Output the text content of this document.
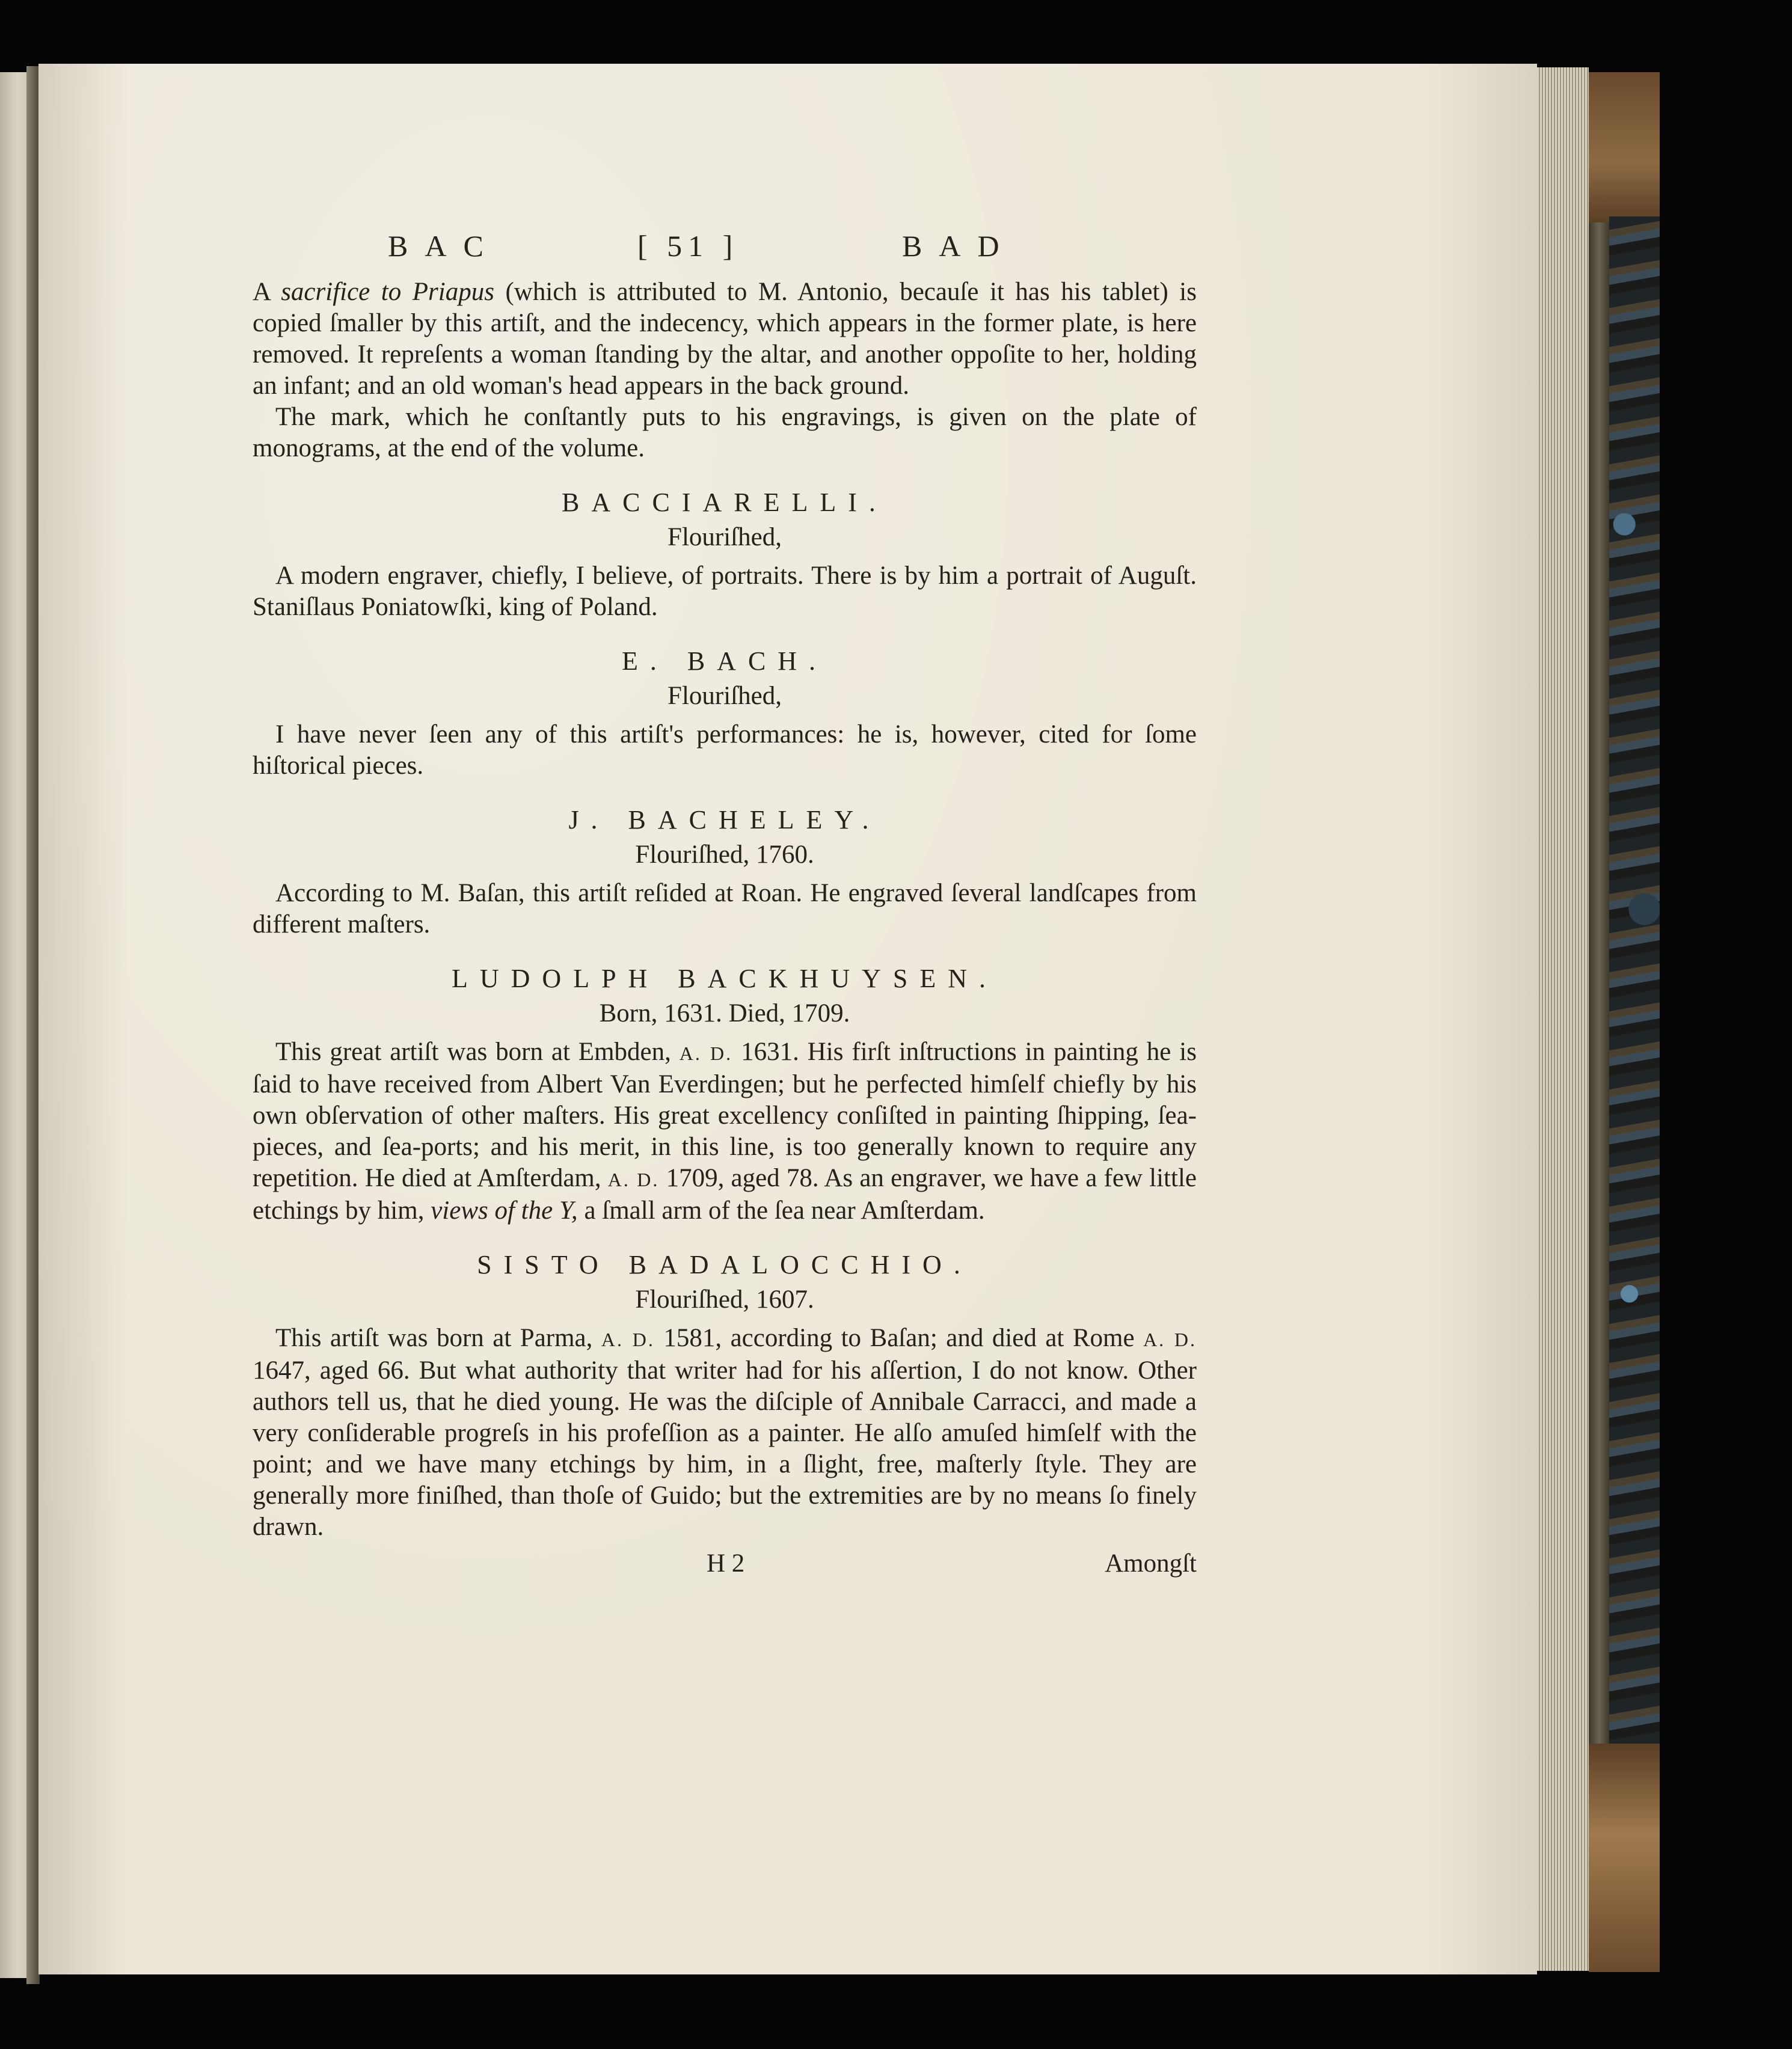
BAC	[ 51 ]	BAD

A sacrifice to Priapus (which is attributed to M. Antonio, becauſe it has his tablet) is copied ſmaller by this artiſt, and the indecency, which appears in the former plate, is here removed. It repreſents a woman ſtanding by the altar, and another oppoſite to her, holding an infant; and an old woman's head appears in the back ground.

The mark, which he conſtantly puts to his engravings, is given on the plate of monograms, at the end of the volume.

BACCIARELLI.
Flouriſhed,

A modern engraver, chiefly, I believe, of portraits. There is by him a portrait of Auguſt. Staniſlaus Poniatowſki, king of Poland.

E. BACH.
Flouriſhed,

I have never ſeen any of this artiſt's performances: he is, however, cited for ſome hiſtorical pieces.

J. BACHELEY.
Flouriſhed, 1760.

According to M. Baſan, this artiſt reſided at Roan. He engraved ſeveral landſcapes from different maſters.

LUDOLPH BACKHUYSEN.
Born, 1631. Died, 1709.

This great artiſt was born at Embden, A. D. 1631. His firſt inſtructions in painting he is ſaid to have received from Albert Van Everdingen; but he perfected himſelf chiefly by his own obſervation of other maſters. His great excellency conſiſted in painting ſhipping, ſea-pieces, and ſea-ports; and his merit, in this line, is too generally known to require any repetition. He died at Amſterdam, A. D. 1709, aged 78. As an engraver, we have a few little etchings by him, views of the Y, a ſmall arm of the ſea near Amſterdam.

SISTO BADALOCCHIO.
Flouriſhed, 1607.

This artiſt was born at Parma, A. D. 1581, according to Baſan; and died at Rome A. D. 1647, aged 66. But what authority that writer had for his aſſertion, I do not know. Other authors tell us, that he died young. He was the diſciple of Annibale Carracci, and made a very conſiderable progreſs in his profeſſion as a painter. He alſo amuſed himſelf with the point; and we have many etchings by him, in a ſlight, free, maſterly ſtyle. They are generally more finiſhed, than thoſe of Guido; but the extremities are by no means ſo finely drawn.

H 2	Amongſt
